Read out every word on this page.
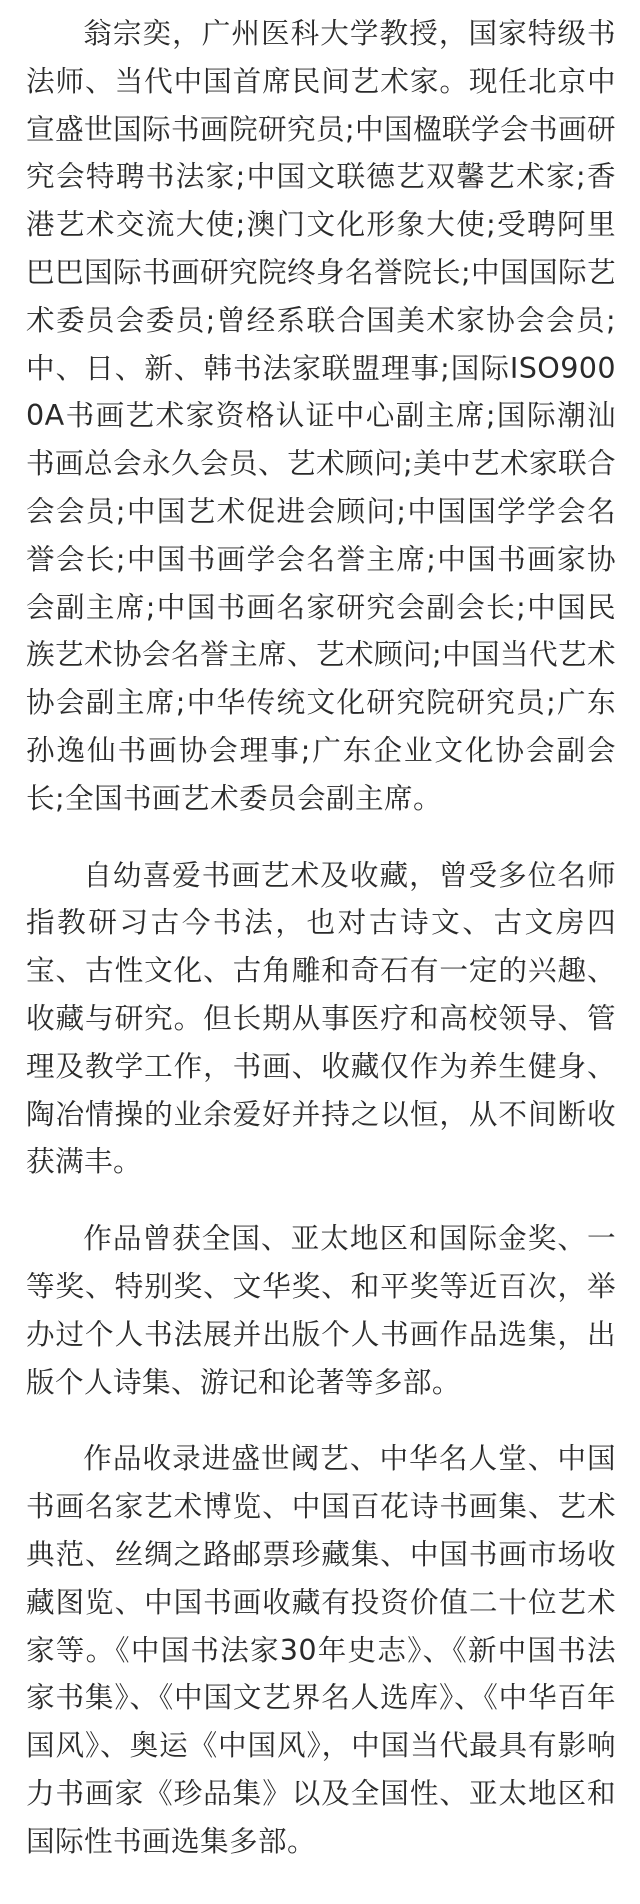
翁宗奕，广州医科大学教授，国家特级书法师、当代中国首席民间艺术家。现任北京中宣盛世国际书画院研究员;中国楹联学会书画研究会特聘书法家;中国文联德艺双馨艺术家;香港艺术交流大使;澳门文化形象大使;受聘阿里巴巴国际书画研究院终身名誉院长;中国国际艺术委员会委员;曾经系联合国美术家协会会员;中、日、新、韩书法家联盟理事;国际ISO9000A书画艺术家资格认证中心副主席;国际潮汕书画总会永久会员、艺术顾问;美中艺术家联合会会员;中国艺术促进会顾问;中国国学学会名誉会长;中国书画学会名誉主席;中国书画家协会副主席;中国书画名家研究会副会长;中国民族艺术协会名誉主席、艺术顾问;中国当代艺术协会副主席;中华传统文化研究院研究员;广东孙逸仙书画协会理事;广东企业文化协会副会长;全国书画艺术委员会副主席。

自幼喜爱书画艺术及收藏，曾受多位名师指教研习古今书法，也对古诗文、古文房四宝、古性文化、古角雕和奇石有一定的兴趣、收藏与研究。但长期从事医疗和高校领导、管理及教学工作，书画、收藏仅作为养生健身、陶冶情操的业余爱好并持之以恒，从不间断收获满丰。

作品曾获全国、亚太地区和国际金奖、一等奖、特别奖、文华奖、和平奖等近百次，举办过个人书法展并出版个人书画作品选集，出版个人诗集、游记和论著等多部。

作品收录进盛世阈艺、中华名人堂、中国书画名家艺术博览、中国百花诗书画集、艺术典范、丝绸之路邮票珍藏集、中国书画市场收藏图览、中国书画收藏有投资价值二十位艺术家等。《中国书法家30年史志》、《新中国书法家书集》、《中国文艺界名人选库》、《中华百年国风》、奥运《中国风》，中国当代最具有影响力书画家《珍品集》以及全国性、亚太地区和国际性书画选集多部。
